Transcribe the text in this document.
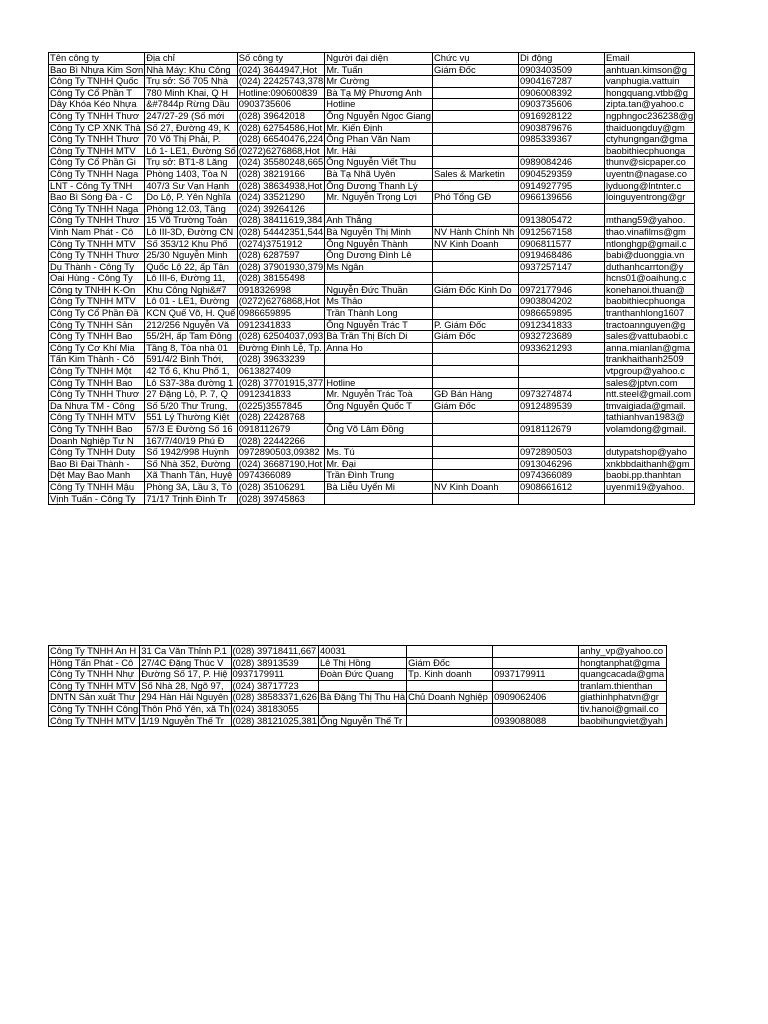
Tên công ty	Địa chỉ	Số công ty	Người đại diện	Chức vụ	Di động	Email
Bao Bì Nhựa Kim Sơn	Nhà Máy: Khu Công	(024) 3644947,Hot	Mr. Tuấn	Giám Đốc	0903403509	anhtuan.kimson@g
Công Ty TNHH Quốc	Trụ sở: Số 705 Nhà	(024) 22425743,378	Mr Cường		0904167287	vanphugia.vattuin
Công Ty Cổ Phần T	780 Minh Khai, Q H	Hotline:090600839	Bà Tạ Mỹ Phương Anh		0906008392	hongquang.vtbb@g
Dây Khóa Kéo Nhựa	&#7844p Rừng Dầu	0903735606	Hotline		0903735606	zipta.tan@yahoo.c
Công Ty TNHH Thươ	247/27-29 (Số mới	(028) 39642018	Ông Nguyễn Ngọc Giang		0916928122	ngphngoc236238@g
Công Ty CP XNK Thả	Số 27, Đường 49, K	(028) 62754586,Hot	Mr. Kiến Định		0903879676	thaiduongduy@gm
Công Ty TNHH Thươ	70 Võ Thị Phải, P.	(028) 66540476,224	Ông Phan Văn Nam		0985339367	ctyhungngan@gma
Công Ty TNHH MTV	Lô 1- LE1, Đường Số	(0272)6276868,Hot	Mr. Hải			baobithiecphuonga
Công Ty Cổ Phần Gi	Trụ sở: BT1-8 Lăng	(024) 35580248,665	Ông Nguyễn Viết Thu		0989084246	thunv@sicpaper.co
Công Ty TNHH Naga	Phòng 1403, Tòa N	(028) 38219166	Bà Tạ Nhã Uyên	Sales & Marketin	0904529359	uyentn@nagase.co
LNT - Công Ty TNH	407/3 Sư Vạn Hạnh	(028) 38634938,Hot	Ông Dương Thanh Lý		0914927795	lyduong@lntnter.c
Bao Bì Sóng Đà - C	Do Lộ, P. Yên Nghĩa	(024) 33521290	Mr. Nguyễn Trọng Lợi	Phó Tổng GĐ	0966139656	loinguyentrong@gr
Công Ty TNHH Naga	Phòng 12.03, Tầng	(024) 39264126				
Công Ty TNHH Thươ	15 Võ Trường Toản	(028) 38411619,384	Anh Thắng		0913805472	mthang59@yahoo.
Vinh Nam Phát - Cô	Lô III-3D, Đường CN	(028) 54442351,544	Bà Nguyễn Thị Minh	NV Hành Chính Nh	0912567158	thao.vinafilms@gm
Công Ty TNHH MTV	Số 353/12 Khu Phố	(0274)3751912	Ông Nguyễn Thành	NV Kinh Doanh	0906811577	ntlonghgp@gmail.c
Công Ty TNHH Thươ	25/30 Nguyễn Minh	(028) 6287597	Ông Dương Đình Lê		0919468486	babi@duonggia.vn
Dụ Thành - Công Ty	Quốc Lộ 22, ấp Tân	(028) 37901930,379	Ms Ngân		0937257147	duthanhcarrton@y
Oai Hùng - Công Ty	Lô III-6, Đường 11,	(028) 38155498				hcns01@oaihung.c
Công ty TNHH K-On	Khu Công Nghi&#7	0918326998	Nguyễn Đức Thuần	Giám Đốc Kinh Do	0972177946	konehanoi.thuan@
Công Ty TNHH MTV	Lô 01 - LE1, Đường	(0272)6276868,Hot	Ms Thảo		0903804202	baobithiecphuonga
Công Ty Cổ Phần Đầ	KCN Quế Võ, H. Quế	0986659895	Trần Thành Long		0986659895	tranthanhlong1607
Công Ty TNHH Sản	212/256 Nguyễn Vă	0912341833	Ông Nguyễn Trác T	P. Giám Đốc	0912341833	tractoannguyen@g
Công Ty TNHH Bao	55/2H, ấp Tam Đông	(028) 62504037,093	Bà Trần Thị Bích Di	Giám Đốc	0932723689	sales@vattubaobi.c
Công Ty Cơ Khí Mia	Tầng 8, Tòa nhà 01	Đường Đinh Lễ, Tp.	Anna Ho		0933621293	anna.mianlan@gma
Tấn Kim Thành - Cô	591/4/2 Bình Thới,	(028) 39633239				trankhaithanh2509
Công Ty TNHH Một	42 Tổ 6, Khu Phố 1,	0613827409				vtpgroup@yahoo.c
Công Ty TNHH Bao	Lô S37-38a đường 1	(028) 37701915,377	Hotline			sales@jptvn.com
Công Ty TNHH Thươ	27 Đặng Lộ, P. 7, Q	0912341833	Mr. Nguyễn Trác Toà	GĐ Bán Hàng	0973274874	ntt.steel@gmail.com
Da Nhựa TM - Công	Số 5/20 Thư Trung,	(0225)3557845	Ông Nguyễn Quốc T	Giám Đốc	0912489539	tmvaigiada@gmail.
Công Ty TNHH MTV	551 Lý Thường Kiệt	(028) 22428768				tathianhvan1983@
Công Ty TNHH Bao	57/3 E Đường Số 16	0918112679	Ông Võ Lâm Đồng		0918112679	volamdong@gmail.
Doanh Nghiệp Tư N	167/7/40/19 Phú Đ	(028) 22442266				
Công Ty TNHH Duty	Số 1942/998 Huỳnh	0972890503,09382	Ms. Tú		0972890503	dutypatshop@yaho
Bao Bì Đại Thành -	Số Nhà 352, Đường	(024) 36687190,Hot	Mr. Đại		0913046296	xnkbbdaithanh@gm
Dệt May Bao Manh	Xã Thanh Tân, Huyệ	0974366089	Trần Đình Trung		0974366089	baobi.pp.thanhtan
Công Ty TNHH Mậu	Phòng 3A, Lầu 3, Tò	(028) 35106291	Bà Liễu Uyển Mi	NV Kinh Doanh	0908661612	uyenmi19@yahoo.
Vịnh Tuấn - Công Ty	71/17 Trịnh Đình Tr	(028) 39745863				
Công Ty TNHH An H	31 Ca Văn Thỉnh P.1	(028) 39718411,667	40031			anhy_vp@yahoo.co
Hồng Tấn Phát - Cô	27/4C Đặng Thúc V	(028) 38913539	Lê Thị Hồng	Giám Đốc		hongtanphat@gma
Công Ty TNHH Nhự	Đường Số 17, P. Hiệ	0937179911	Đoàn Đức Quang	Tp. Kinh doanh	0937179911	quangcacada@gma
Công Ty TNHH MTV	Số Nhà 28, Ngõ 97,	(024) 38717723				tranlam.thienthan
DNTN Sản xuất Thư	294 Hàn Hải Nguyên	(028) 38583371,626	Bà Đặng Thị Thu Hà	Chủ Doanh Nghiệp	0909062406	giathinhphatvn@gr
Công Ty TNHH Công	Thôn Phố Yên, xã Th	(024) 38183055				tiv.hanoi@gmail.co
Công Ty TNHH MTV	1/19 Nguyễn Thế Tr	(028) 38121025,381	Ông Nguyễn Thế Tr		0939088088	baobihungviet@yah
